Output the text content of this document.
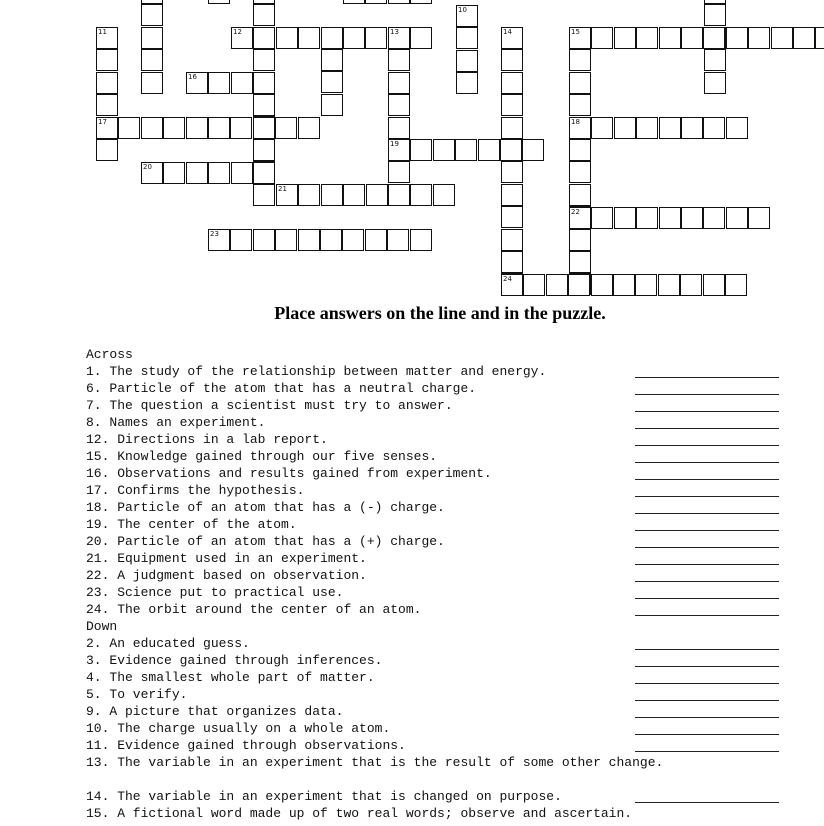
10
11	12	13	14	15
16
17	18
19
20
21
22
23
24
Place answers on the line and in the puzzle.
Across
1. The study of the relationship between matter and energy.
6. Particle of the atom that has a neutral charge.
7. The question a scientist must try to answer.
8. Names an experiment.
12. Directions in a lab report.
15. Knowledge gained through our five senses.
16. Observations and results gained from experiment.
17. Confirms the hypothesis.
18. Particle of an atom that has a (-) charge.
19. The center of the atom.
20. Particle of an atom that has a (+) charge.
21. Equipment used in an experiment.
22. A judgment based on observation.
23. Science put to practical use.
24. The orbit around the center of an atom.
Down
2. An educated guess.
3. Evidence gained through inferences.
4. The smallest whole part of matter.
5. To verify.
9. A picture that organizes data.
10. The charge usually on a whole atom.
11. Evidence gained through observations.
13. The variable in an experiment that is the result of some other change.
14. The variable in an experiment that is changed on purpose.
15. A fictional word made up of two real words; observe and ascertain.
